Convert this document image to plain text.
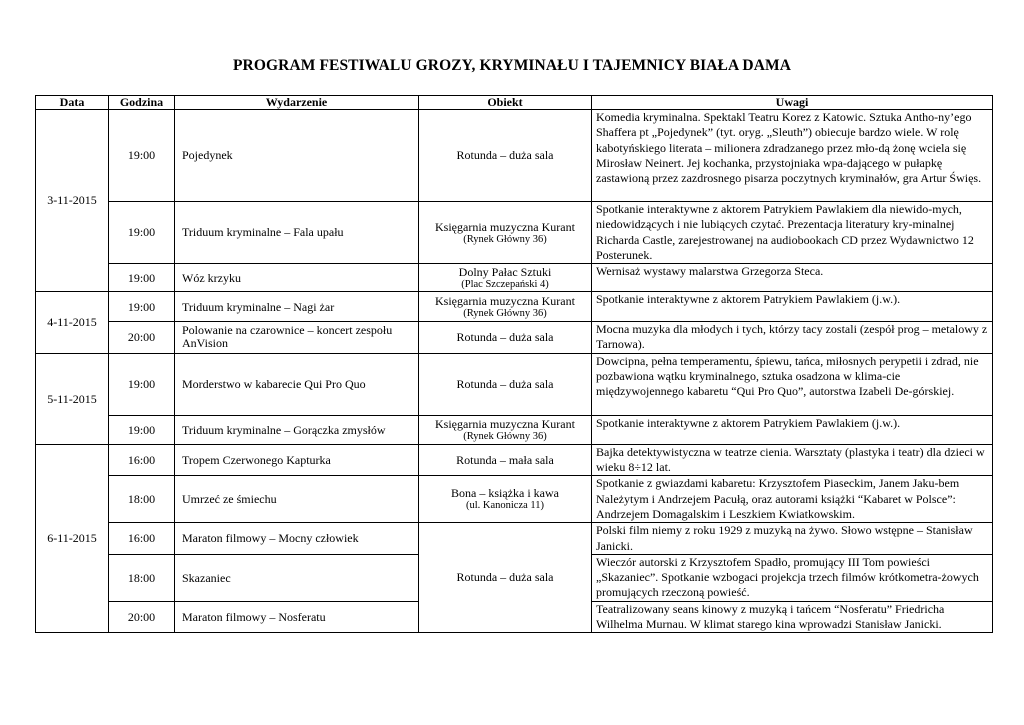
PROGRAM FESTIWALU GROZY, KRYMINAŁU I TAJEMNICY BIAŁA DAMA
Data	Godzina	Wydarzenie	Obiekt	Uwagi
3-11-2015	19:00	Pojedynek	Rotunda – duża sala	Komedia kryminalna. Spektakl Teatru Korez z Katowic. Sztuka Antho-ny’ego Shaffera pt „Pojedynek” (tyt. oryg. „Sleuth”) obiecuje bardzo wiele. W rolę kabotyńskiego literata – milionera zdradzanego przez mło-dą żonę wciela się Mirosław Neinert. Jej kochanka, przystojniaka wpa-dającego w pułapkę zastawioną przez zazdrosnego pisarza poczytnych kryminałów, gra Artur Święs.
	19:00	Triduum kryminalne – Fala upału	Księgarnia muzyczna Kurant
(Rynek Główny 36)	Spotkanie interaktywne z aktorem Patrykiem Pawlakiem dla niewido-mych, niedowidzących i nie lubiących czytać. Prezentacja literatury kry-minalnej Richarda Castle, zarejestrowanej na audiobookach CD przez Wydawnictwo 12 Posterunek.
	19:00	Wóz krzyku	Dolny Pałac Sztuki
(Plac Szczepański 4)	Wernisaż wystawy malarstwa Grzegorza Steca.
4-11-2015	19:00	Triduum kryminalne – Nagi żar	Księgarnia muzyczna Kurant
(Rynek Główny 36)	Spotkanie interaktywne z aktorem Patrykiem Pawlakiem (j.w.).
	20:00	Polowanie na czarownice – koncert zespołu AnVision	Rotunda – duża sala	Mocna muzyka dla młodych i tych, którzy tacy zostali (zespół prog – metalowy z Tarnowa).
5-11-2015	19:00	Morderstwo w kabarecie Qui Pro Quo	Rotunda – duża sala	Dowcipna, pełna temperamentu, śpiewu, tańca, miłosnych perypetii i zdrad, nie pozbawiona wątku kryminalnego, sztuka osadzona w klima-cie międzywojennego kabaretu “Qui Pro Quo”, autorstwa Izabeli De-górskiej.
	19:00	Triduum kryminalne – Gorączka zmysłów	Księgarnia muzyczna Kurant
(Rynek Główny 36)	Spotkanie interaktywne z aktorem Patrykiem Pawlakiem (j.w.).
6-11-2015	16:00	Tropem Czerwonego Kapturka	Rotunda – mała sala	Bajka detektywistyczna w teatrze cienia. Warsztaty (plastyka i teatr) dla dzieci w wieku 8÷12 lat.
	18:00	Umrzeć ze śmiechu	Bona – książka i kawa
(ul. Kanonicza 11)	Spotkanie z gwiazdami kabaretu: Krzysztofem Piaseckim, Janem Jaku-bem Należytym i Andrzejem Pacułą, oraz autorami książki “Kabaret w Polsce”: Andrzejem Domagalskim i Leszkiem Kwiatkowskim.
	16:00	Maraton filmowy – Mocny człowiek	Rotunda – duża sala	Polski film niemy z roku 1929 z muzyką na żywo. Słowo wstępne – Stanisław Janicki.
	18:00	Skazaniec		Wieczór autorski z Krzysztofem Spadło, promujący III Tom powieści „Skazaniec”. Spotkanie wzbogaci projekcja trzech filmów krótkometra-żowych promujących rzeczoną powieść.
	20:00	Maraton filmowy – Nosferatu		Teatralizowany seans kinowy z muzyką i tańcem “Nosferatu” Friedricha Wilhelma Murnau. W klimat starego kina wprowadzi Stanisław Janicki.
